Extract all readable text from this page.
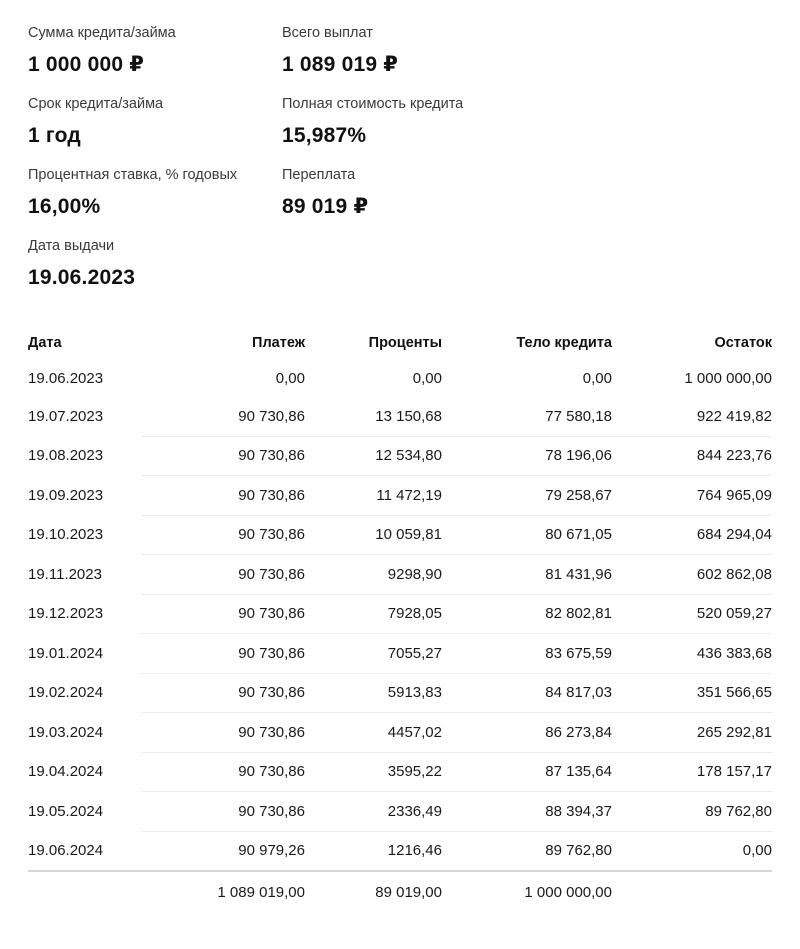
Сумма кредита/займа
1 000 000 ₽
Всего выплат
1 089 019 ₽
Срок кредита/займа
1 год
Полная стоимость кредита
15,987%
Процентная ставка, % годовых
16,00%
Переплата
89 019 ₽
Дата выдачи
19.06.2023
Дата	Платеж	Проценты	Тело кредита	Остаток
19.06.2023	0,00	0,00	0,00	1 000 000,00
19.07.2023	90 730,86	13 150,68	77 580,18	922 419,82
19.08.2023	90 730,86	12 534,80	78 196,06	844 223,76
19.09.2023	90 730,86	11 472,19	79 258,67	764 965,09
19.10.2023	90 730,86	10 059,81	80 671,05	684 294,04
19.11.2023	90 730,86	9298,90	81 431,96	602 862,08
19.12.2023	90 730,86	7928,05	82 802,81	520 059,27
19.01.2024	90 730,86	7055,27	83 675,59	436 383,68
19.02.2024	90 730,86	5913,83	84 817,03	351 566,65
19.03.2024	90 730,86	4457,02	86 273,84	265 292,81
19.04.2024	90 730,86	3595,22	87 135,64	178 157,17
19.05.2024	90 730,86	2336,49	88 394,37	89 762,80
19.06.2024	90 979,26	1216,46	89 762,80	0,00
	1 089 019,00	89 019,00	1 000 000,00	
